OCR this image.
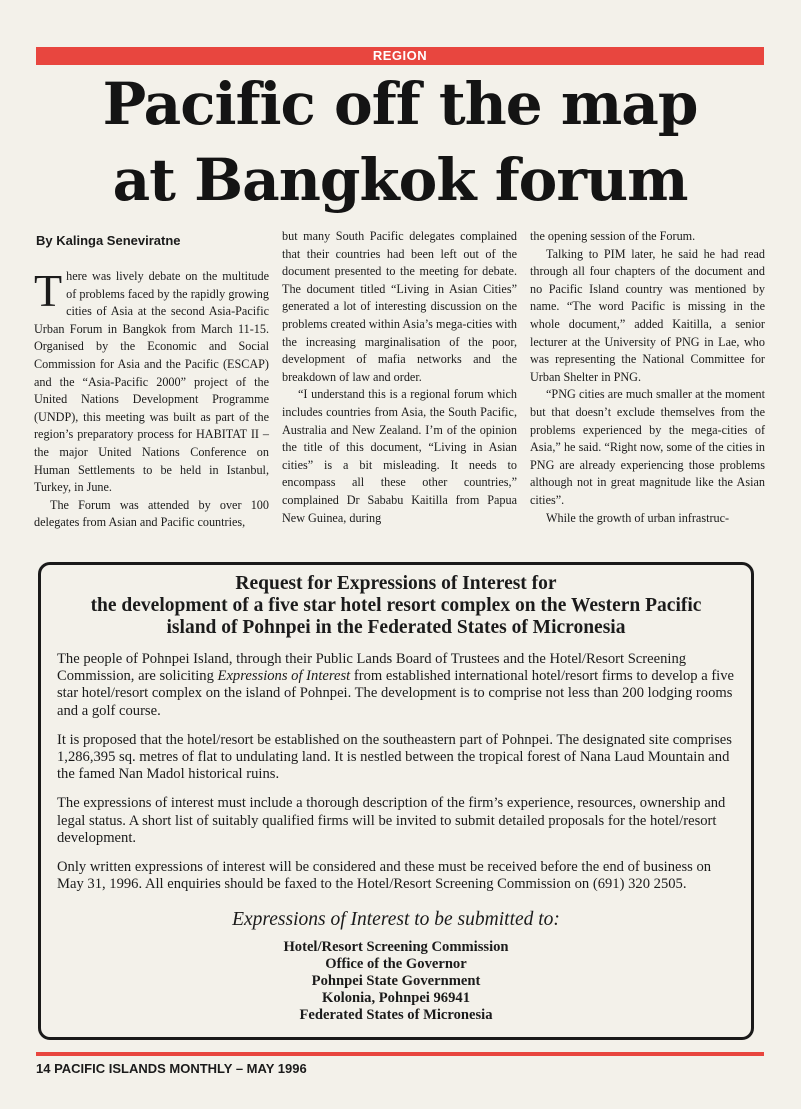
REGION
Pacific off the map
at Bangkok forum
By Kalinga Seneviratne

There was lively debate on the multitude of problems faced by the rapidly growing cities of Asia at the second Asia-Pacific Urban Forum in Bangkok from March 11-15. Organised by the Economic and Social Commission for Asia and the Pacific (ESCAP) and the “Asia-Pacific 2000” project of the United Nations Development Programme (UNDP), this meeting was built as part of the region’s preparatory process for HABITAT II – the major United Nations Conference on Human Settlements to be held in Istanbul, Turkey, in June.

The Forum was attended by over 100 delegates from Asian and Pacific countries,

but many South Pacific delegates complained that their countries had been left out of the document presented to the meeting for debate. The document titled “Living in Asian Cities” generated a lot of interesting discussion on the problems created within Asia’s mega-cities with the increasing marginalisation of the poor, development of mafia networks and the breakdown of law and order.

“I understand this is a regional forum which includes countries from Asia, the South Pacific, Australia and New Zealand. I’m of the opinion the title of this document, “Living in Asian cities” is a bit misleading. It needs to encompass all these other countries,” complained Dr Sababu Kaitilla from Papua New Guinea, during

the opening session of the Forum.

Talking to PIM later, he said he had read through all four chapters of the document and no Pacific Island country was mentioned by name. “The word Pacific is missing in the whole document,” added Kaitilla, a senior lecturer at the University of PNG in Lae, who was representing the National Committee for Urban Shelter in PNG.

“PNG cities are much smaller at the moment but that doesn’t exclude themselves from the problems experienced by the mega-cities of Asia,” he said. “Right now, some of the cities in PNG are already experiencing those problems although not in great magnitude like the Asian cities”.

While the growth of urban infrastruc-

Request for Expressions of Interest for
the development of a five star hotel resort complex on the Western Pacific
island of Pohnpei in the Federated States of Micronesia

The people of Pohnpei Island, through their Public Lands Board of Trustees and the Hotel/Resort Screening Commission, are soliciting Expressions of Interest from established international hotel/resort firms to develop a five star hotel/resort complex on the island of Pohnpei. The development is to comprise not less than 200 lodging rooms and a golf course.

It is proposed that the hotel/resort be established on the southeastern part of Pohnpei. The designated site comprises 1,286,395 sq. metres of flat to undulating land. It is nestled between the tropical forest of Nana Laud Mountain and the famed Nan Madol historical ruins.

The expressions of interest must include a thorough description of the firm’s experience, resources, ownership and legal status. A short list of suitably qualified firms will be invited to submit detailed proposals for the hotel/resort development.

Only written expressions of interest will be considered and these must be received before the end of business on May 31, 1996. All enquiries should be faxed to the Hotel/Resort Screening Commission on (691) 320 2505.

Expressions of Interest to be submitted to:
Hotel/Resort Screening Commission
Office of the Governor
Pohnpei State Government
Kolonia, Pohnpei 96941
Federated States of Micronesia
14 PACIFIC ISLANDS MONTHLY – MAY 1996
